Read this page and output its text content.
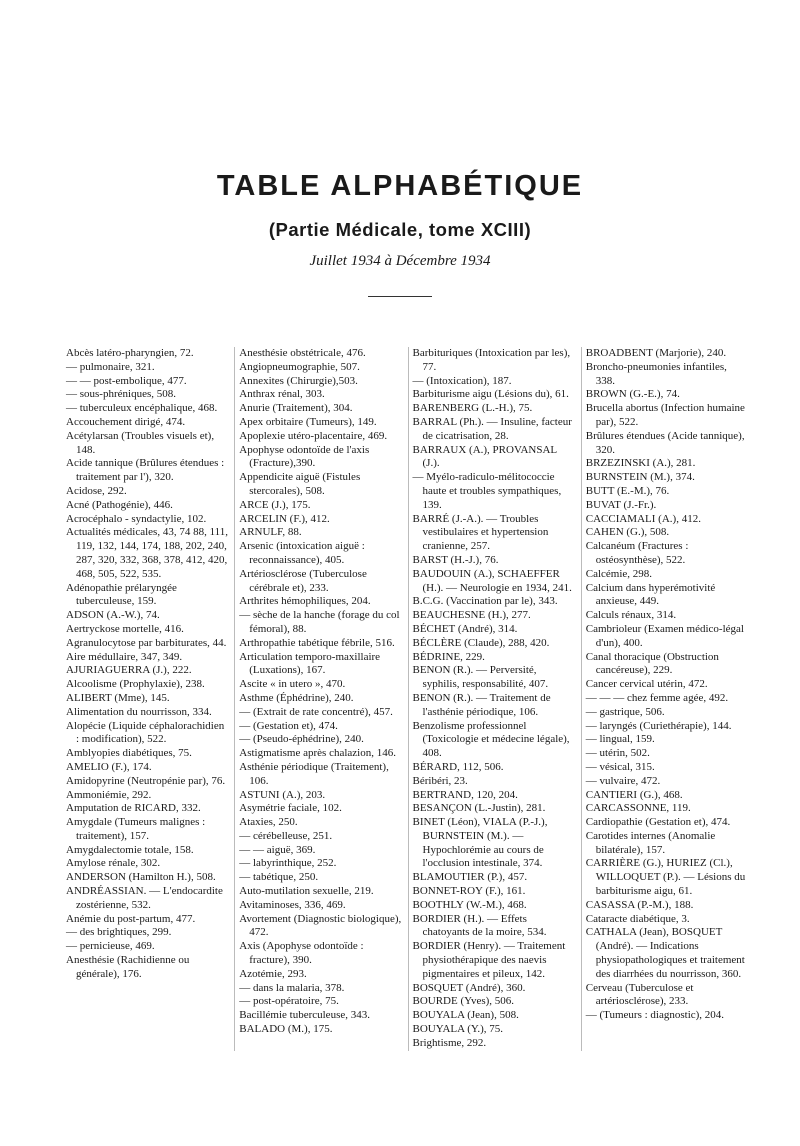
TABLE ALPHABÉTIQUE
(Partie Médicale, tome XCIII)
Juillet 1934 à Décembre 1934
Abcès latéro-pharyngien, 72.
— pulmonaire, 321.
— — post-embolique, 477.
— sous-phréniques, 508.
— tuberculeux encéphalique, 468.
Accouchement dirigé, 474.
Acétylarsan (Troubles visuels et), 148.
Acide tannique (Brûlures étendues : traitement par l'), 320.
Acidose, 292.
Acné (Pathogénie), 446.
Acrocéphalo - syndactylie, 102.
Actualités médicales, 43, 74 88, 111, 119, 132, 144, 174, 188, 202, 240, 287, 320, 332, 368, 378, 412, 420, 468, 505, 522, 535.
Adénopathie prélaryngée tuberculeuse, 159.
ADSON (A.-W.), 74.
Aertryckose mortelle, 416.
Agranulocytose par barbiturates, 44.
Aire médullaire, 347, 349.
AJURIAGUERRA (J.), 222.
Alcoolisme (Prophylaxie), 238.
ALIBERT (Mme), 145.
Alimentation du nourrisson, 334.
Alopécie (Liquide céphalorachidien : modification), 522.
Amblyopies diabétiques, 75.
AMELIO (F.), 174.
Amidopyrine (Neutropénie par), 76.
Ammoniémie, 292.
Amputation de RICARD, 332.
Amygdale (Tumeurs malignes : traitement), 157.
Amygdalectomie totale, 158.
Amylose rénale, 302.
ANDERSON (Hamilton H.), 508.
ANDRÉASSIAN. — L'endocardite zostérienne, 532.
Anémie du post-partum, 477.
— des brightiques, 299.
— pernicieuse, 469.
Anesthésie (Rachidienne ou générale), 176.
Anesthésie obstétricale, 476.
Angiopneumographie, 507.
Annexites (Chirurgie),503.
Anthrax rénal, 303.
Anurie (Traitement), 304.
Apex orbitaire (Tumeurs), 149.
Apoplexie utéro-placentaire, 469.
Apophyse odontoïde de l'axis (Fracture),390.
Appendicite aiguë (Fistules stercorales), 508.
ARCE (J.), 175.
ARCELIN (F.), 412.
ARNULF, 88.
Arsenic (intoxication aiguë : reconnaissance), 405.
Artériosclérose (Tuberculose cérébrale et), 233.
Arthrites hémophiliques, 204.
— sèche de la hanche (forage du col fémoral), 88.
Arthropathie tabétique fébrile, 516.
Articulation temporo-maxillaire (Luxations), 167.
Ascite « in utero », 470.
Asthme (Éphédrine), 240.
— (Extrait de rate concentré), 457.
— (Gestation et), 474.
— (Pseudo-éphédrine), 240.
Astigmatisme après chalazion, 146.
Asthénie périodique (Traitement), 106.
ASTUNI (A.), 203.
Asymétrie faciale, 102.
Ataxies, 250.
— cérébelleuse, 251.
— — aiguë, 369.
— labyrinthique, 252.
— tabétique, 250.
Auto-mutilation sexuelle, 219.
Avitaminoses, 336, 469.
Avortement (Diagnostic biologique), 472.
Axis (Apophyse odontoïde : fracture), 390.
Azotémie, 293.
— dans la malaria, 378.
— post-opératoire, 75.
Bacillémie tuberculeuse, 343.
BALADO (M.), 175.
Barbituriques (Intoxication par les), 77.
— (Intoxication), 187.
Barbiturisme aigu (Lésions du), 61.
BARENBERG (L.-H.), 75.
BARRAL (Ph.). — Insuline, facteur de cicatrisation, 28.
BARRAUX (A.), PROVANSAL (J.).
— Myélo-radiculo-mélitococcie haute et troubles sympathiques, 139.
BARRÉ (J.-A.). — Troubles vestibulaires et hypertension cranienne, 257.
BARST (H.-J.), 76.
BAUDOUIN (A.), SCHAEFFER (H.). — Neurologie en 1934, 241.
B.C.G. (Vaccination par le), 343.
BEAUCHESNE (H.), 277.
BÉCHET (André), 314.
BÉCLÈRE (Claude), 288, 420.
BÉDRINE, 229.
BENON (R.). — Perversité, syphilis, responsabilité, 407.
BENON (R.). — Traitement de l'asthénie périodique, 106.
Benzolisme professionnel (Toxicologie et médecine légale), 408.
BÉRARD, 112, 506.
Béribéri, 23.
BERTRAND, 120, 204.
BESANÇON (L.-Justin), 281.
BINET (Léon), VIALA (P.-J.), BURNSTEIN (M.). — Hypochlorémie au cours de l'occlusion intestinale, 374.
BLAMOUTIER (P.), 457.
BONNET-ROY (F.), 161.
BOOTHLY (W.-M.), 468.
BORDIER (H.). — Effets chatoyants de la moire, 534.
BORDIER (Henry). — Traitement physiothérapique des naevis pigmentaires et pileux, 142.
BOSQUET (André), 360.
BOURDE (Yves), 506.
BOUYALA (Jean), 508.
BOUYALA (Y.), 75.
Brightisme, 292.
BROADBENT (Marjorie), 240.
Broncho-pneumonies infantiles, 338.
BROWN (G.-E.), 74.
Brucella abortus (Infection humaine par), 522.
Brûlures étendues (Acide tannique), 320.
BRZEZINSKI (A.), 281.
BURNSTEIN (M.), 374.
BUTT (E.-M.), 76.
BUVAT (J.-Fr.).
CACCIAMALI (A.), 412.
CAHEN (G.), 508.
Calcanéum (Fractures : ostéosynthèse), 522.
Calcémie, 298.
Calcium dans hyperémotivité anxieuse, 449.
Calculs rénaux, 314.
Cambrioleur (Examen médico-légal d'un), 400.
Canal thoracique (Obstruction cancéreuse), 229.
Cancer cervical utérin, 472.
— — — chez femme agée, 492.
— gastrique, 506.
— laryngés (Curiethérapie), 144.
— lingual, 159.
— utérin, 502.
— vésical, 315.
— vulvaire, 472.
CANTIERI (G.), 468.
CARCASSONNE, 119.
Cardiopathie (Gestation et), 474.
Carotides internes (Anomalie bilatérale), 157.
CARRIÈRE (G.), HURIEZ (Cl.), WILLOQUET (P.). — Lésions du barbiturisme aigu, 61.
CASASSA (P.-M.), 188.
Cataracte diabétique, 3.
CATHALA (Jean), BOSQUET (André). — Indications physiopathologiques et traitement des diarrhées du nourrisson, 360.
Cerveau (Tuberculose et artériosclérose), 233.
— (Tumeurs : diagnostic), 204.
